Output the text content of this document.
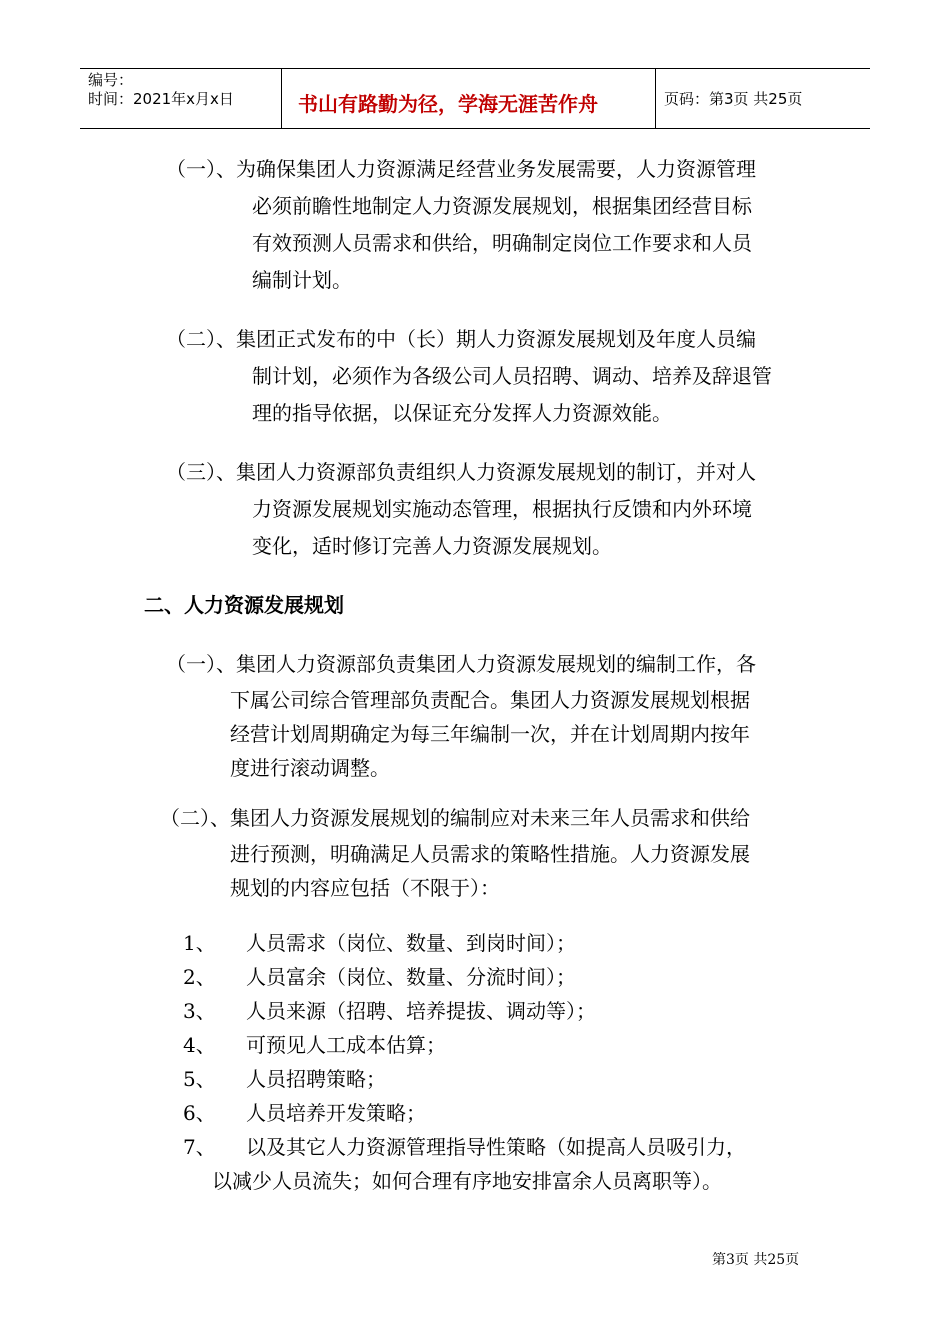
编号：
时间：2021年x月x日	书山有路勤为径，学海无涯苦作舟	页码：第3页 共25页
（一）、为确保集团人力资源满足经营业务发展需要，人力资源管理
必须前瞻性地制定人力资源发展规划，根据集团经营目标
有效预测人员需求和供给，明确制定岗位工作要求和人员
编制计划。
（二）、集团正式发布的中（长）期人力资源发展规划及年度人员编
制计划，必须作为各级公司人员招聘、调动、培养及辞退管
理的指导依据，以保证充分发挥人力资源效能。
（三）、集团人力资源部负责组织人力资源发展规划的制订，并对人
力资源发展规划实施动态管理，根据执行反馈和内外环境
变化，适时修订完善人力资源发展规划。
二、人力资源发展规划
（一）、集团人力资源部负责集团人力资源发展规划的编制工作，各
下属公司综合管理部负责配合。集团人力资源发展规划根据
经营计划周期确定为每三年编制一次，并在计划周期内按年
度进行滚动调整。
（二）、集团人力资源发展规划的编制应对未来三年人员需求和供给
进行预测，明确满足人员需求的策略性措施。人力资源发展
规划的内容应包括（不限于）：
1、 人员需求（岗位、数量、到岗时间）；
2、 人员富余（岗位、数量、分流时间）；
3、 人员来源（招聘、培养提拔、调动等）；
4、 可预见人工成本估算；
5、 人员招聘策略；
6、 人员培养开发策略；
7、 以及其它人力资源管理指导性策略（如提高人员吸引力，
以减少人员流失；如何合理有序地安排富余人员离职等）。
第3页 共25页
